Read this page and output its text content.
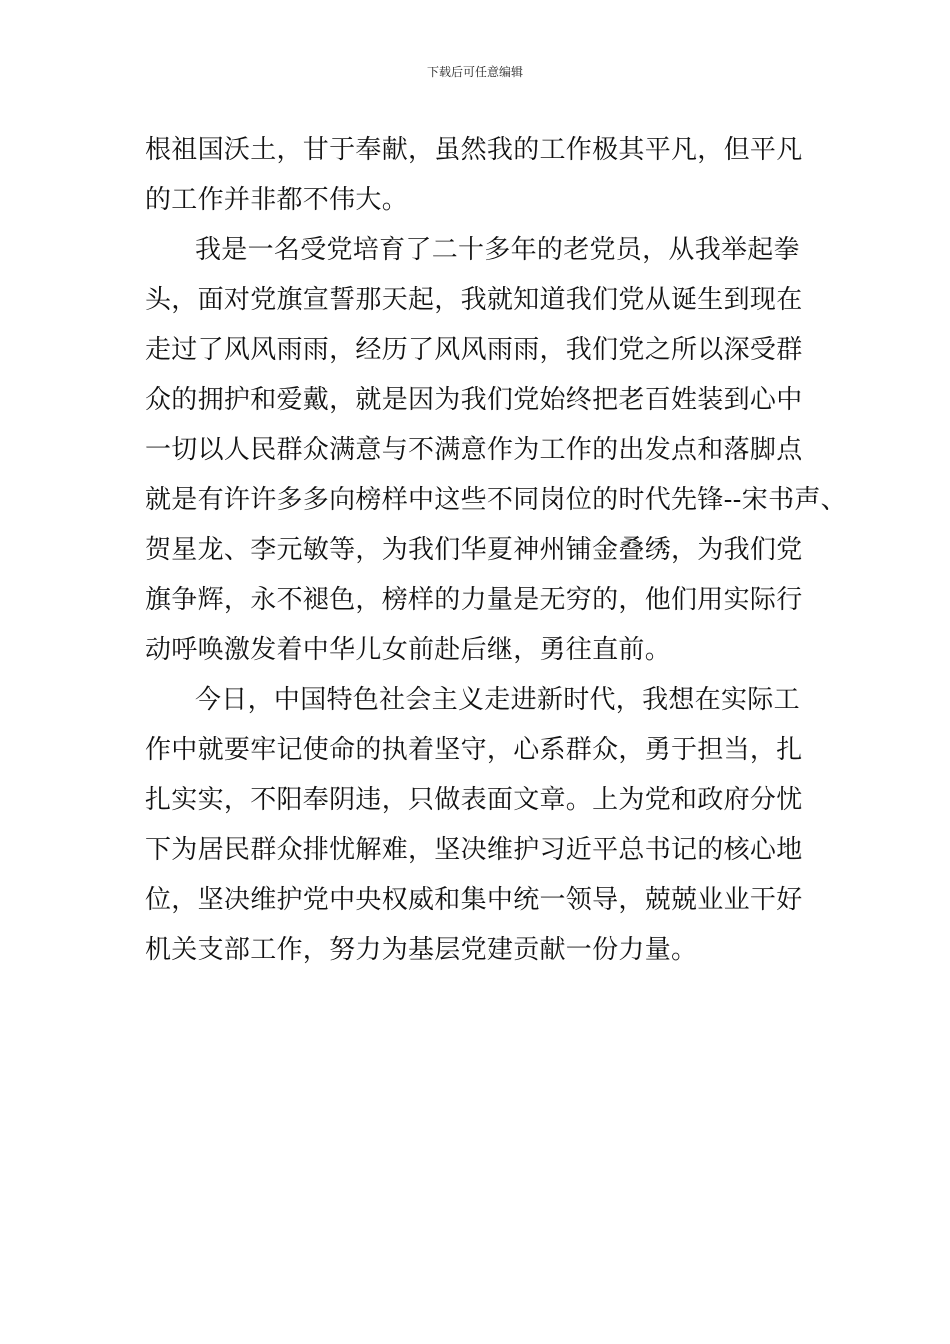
下载后可任意编辑
根祖国沃土，甘于奉献，虽然我的工作极其平凡，但平凡
的工作并非都不伟大。
我是一名受党培育了二十多年的老党员，从我举起拳
头，面对党旗宣誓那天起，我就知道我们党从诞生到现在
走过了风风雨雨，经历了风风雨雨，我们党之所以深受群
众的拥护和爱戴，就是因为我们党始终把老百姓装到心中
一切以人民群众满意与不满意作为工作的出发点和落脚点
就是有许许多多向榜样中这些不同岗位的时代先锋--宋书声、
贺星龙、李元敏等，为我们华夏神州铺金叠绣，为我们党
旗争辉，永不褪色，榜样的力量是无穷的，他们用实际行
动呼唤激发着中华儿女前赴后继，勇往直前。
今日，中国特色社会主义走进新时代，我想在实际工
作中就要牢记使命的执着坚守，心系群众，勇于担当，扎
扎实实，不阳奉阴违，只做表面文章。上为党和政府分忧
下为居民群众排忧解难，坚决维护习近平总书记的核心地
位，坚决维护党中央权威和集中统一领导，兢兢业业干好
机关支部工作，努力为基层党建贡献一份力量。
